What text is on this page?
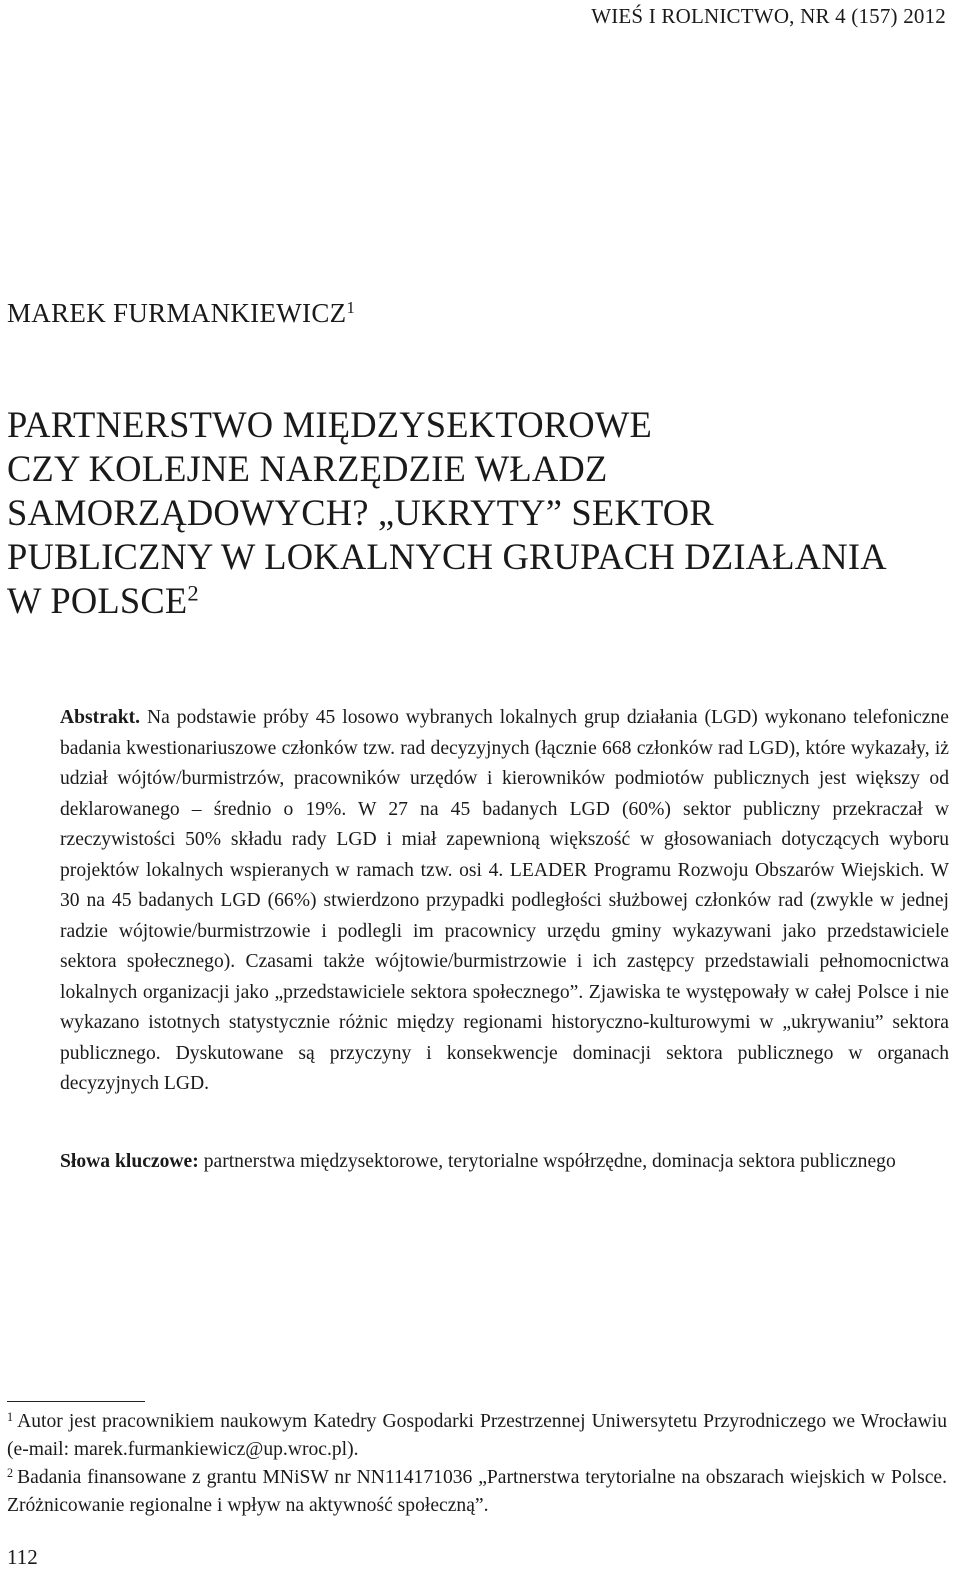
WIEŚ I ROLNICTWO, NR 4 (157) 2012
MAREK FURMANKIEWICZ$^1$
PARTNERSTWO MIĘDZYSEKTOROWE
CZY KOLEJNE NARZĘDZIE WŁADZ
SAMORZĄDOWYCH? „UKRYTY” SEKTOR
PUBLICZNY W LOKALNYCH GRUPACH DZIAŁANIA
W POLSCE$^2$
Abstrakt. Na podstawie próby 45 losowo wybranych lokalnych grup działania (LGD) wykonano telefoniczne badania kwestionariuszowe członków tzw. rad decyzyjnych (łącznie 668 członków rad LGD), które wykazały, iż udział wójtów/burmistrzów, pracowników urzędów i kierowników podmiotów publicznych jest większy od deklarowanego – średnio o 19%. W 27 na 45 badanych LGD (60%) sektor publiczny przekraczał w rzeczywistości 50% składu rady LGD i miał zapewnioną większość w głosowaniach dotyczących wyboru projektów lokalnych wspieranych w ramach tzw. osi 4. LEADER Programu Rozwoju Obszarów Wiejskich. W 30 na 45 badanych LGD (66%) stwierdzono przypadki podległości służbowej członków rad (zwykle w jednej radzie wójtowie/burmistrzowie i podlegli im pracownicy urzędu gminy wykazywani jako przedstawiciele sektora społecznego). Czasami także wójtowie/burmistrzowie i ich zastępcy przedstawiali pełnomocnictwa lokalnych organizacji jako „przedstawiciele sektora społecznego”. Zjawiska te występowały w całej Polsce i nie wykazano istotnych statystycznie różnic między regionami historyczno-kulturowymi w „ukrywaniu” sektora publicznego. Dyskutowane są przyczyny i konsekwencje dominacji sektora publicznego w organach decyzyjnych LGD.
Słowa kluczowe: partnerstwa międzysektorowe, terytorialne współrzędne, dominacja sektora publicznego
$^1$ Autor jest pracownikiem naukowym Katedry Gospodarki Przestrzennej Uniwersytetu Przyrodniczego we Wrocławiu (e-mail: marek.furmankiewicz@up.wroc.pl).
$^2$ Badania finansowane z grantu MNiSW nr NN114171036 „Partnerstwa terytorialne na obszarach wiejskich w Polsce. Zróżnicowanie regionalne i wpływ na aktywność społeczną”.
112
